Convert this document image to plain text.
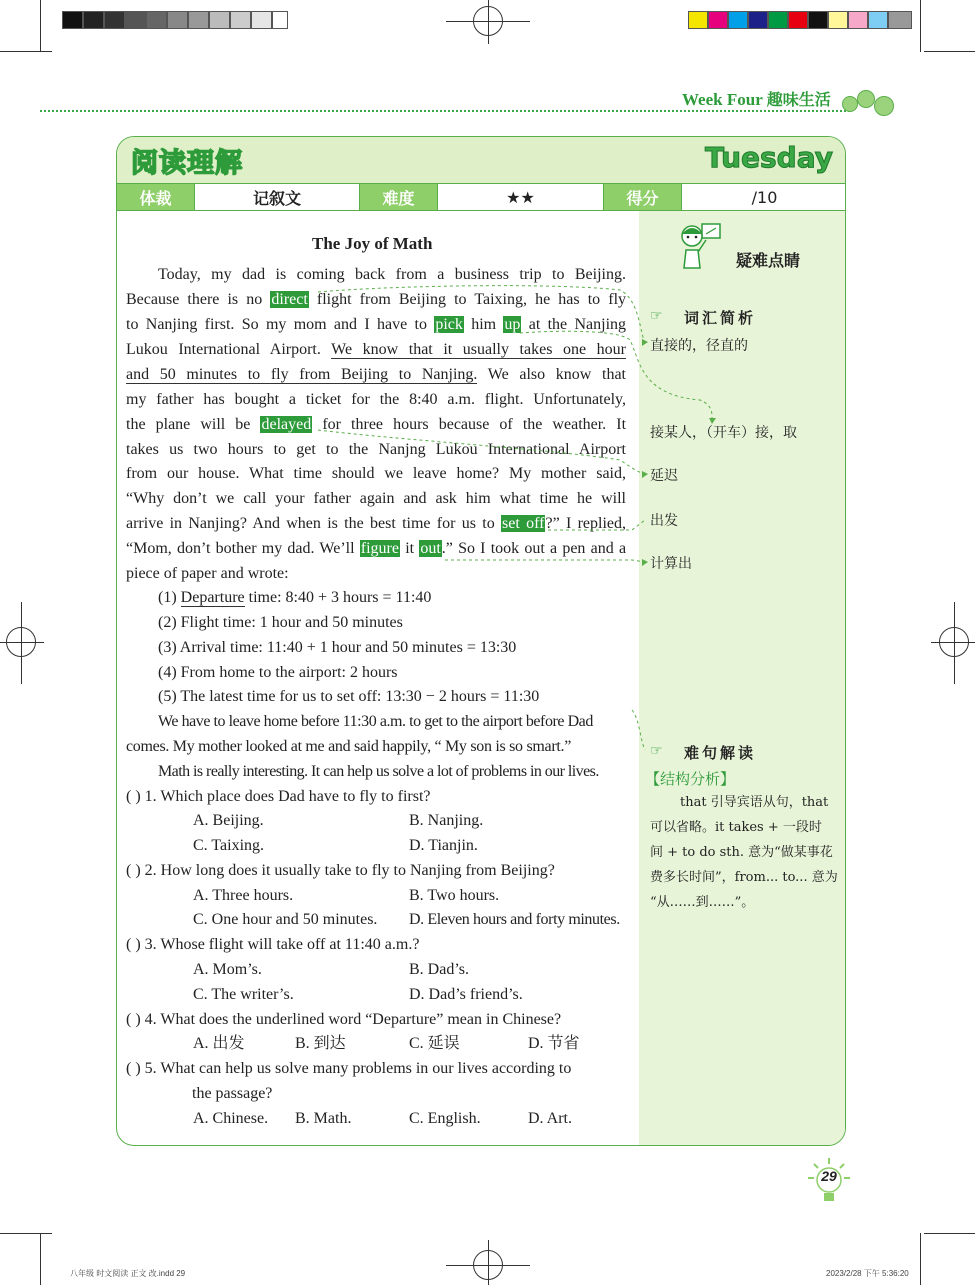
Week Four 趣味生活
阅读理解	Tuesday
体裁	记叙文	难度	★★	得分	/10
The Joy of Math
Today, my dad is coming back from a business trip to Beijing.
Because there is no direct flight from Beijing to Taixing, he has to fly
to Nanjing first. So my mom and I have to pick him up at the Nanjing
Lukou International Airport. We know that it usually takes one hour
and 50 minutes to fly from Beijing to Nanjing. We also know that
my father has bought a ticket for the 8:40 a.m. flight. Unfortunately,
the plane will be delayed for three hours because of the weather. It
takes us two hours to get to the Nanjng Lukou International Airport
from our house. What time should we leave home? My mother said,
“Why don’t we call your father again and ask him what time he will
arrive in Nanjing? And when is the best time for us to set off?” I replied,
“Mom, don’t bother my dad. We’ll figure it out.” So I took out a pen and a
piece of paper and wrote:
(1) Departure time: 8:40 + 3 hours = 11:40
(2) Flight time: 1 hour and 50 minutes
(3) Arrival time: 11:40 + 1 hour and 50 minutes = 13:30
(4) From home to the airport: 2 hours
(5) The latest time for us to set off: 13:30 − 2 hours = 11:30
We have to leave home before 11:30 a.m. to get to the airport before Dad
comes. My mother looked at me and said happily, “ My son is so smart.”
Math is really interesting. It can help us solve a lot of problems in our lives.
( ) 1. Which place does Dad have to fly to first?
A. Beijing.	B. Nanjing.
C. Taixing.	D. Tianjin.
( ) 2. How long does it usually take to fly to Nanjing from Beijing?
A. Three hours.	B. Two hours.
C. One hour and 50 minutes. D. Eleven hours and forty minutes.
( ) 3. Whose flight will take off at 11:40 a.m.?
A. Mom’s.	B. Dad’s.
C. The writer’s.	D. Dad’s friend’s.
( ) 4. What does the underlined word “Departure” mean in Chinese?
A. 出发	B. 到达	C. 延误	D. 节省
( ) 5. What can help us solve many problems in our lives according to
the passage?
A. Chinese. B. Math.	C. English.	D. Art.
疑难点睛
☞ 词汇简析
直接的，径直的
接某人，（开车）接，取
延迟
出发
计算出
☞ 难句解读
【结构分析】
that 引导宾语从句，that
可以省略。it takes + 一段时
间 + to do sth. 意为“做某事花
费多长时间”，from... to... 意为
“从……到……”。
29
八年级 时文阅读 正文 改.indd 29	2023/2/28 下午 5:36:20
